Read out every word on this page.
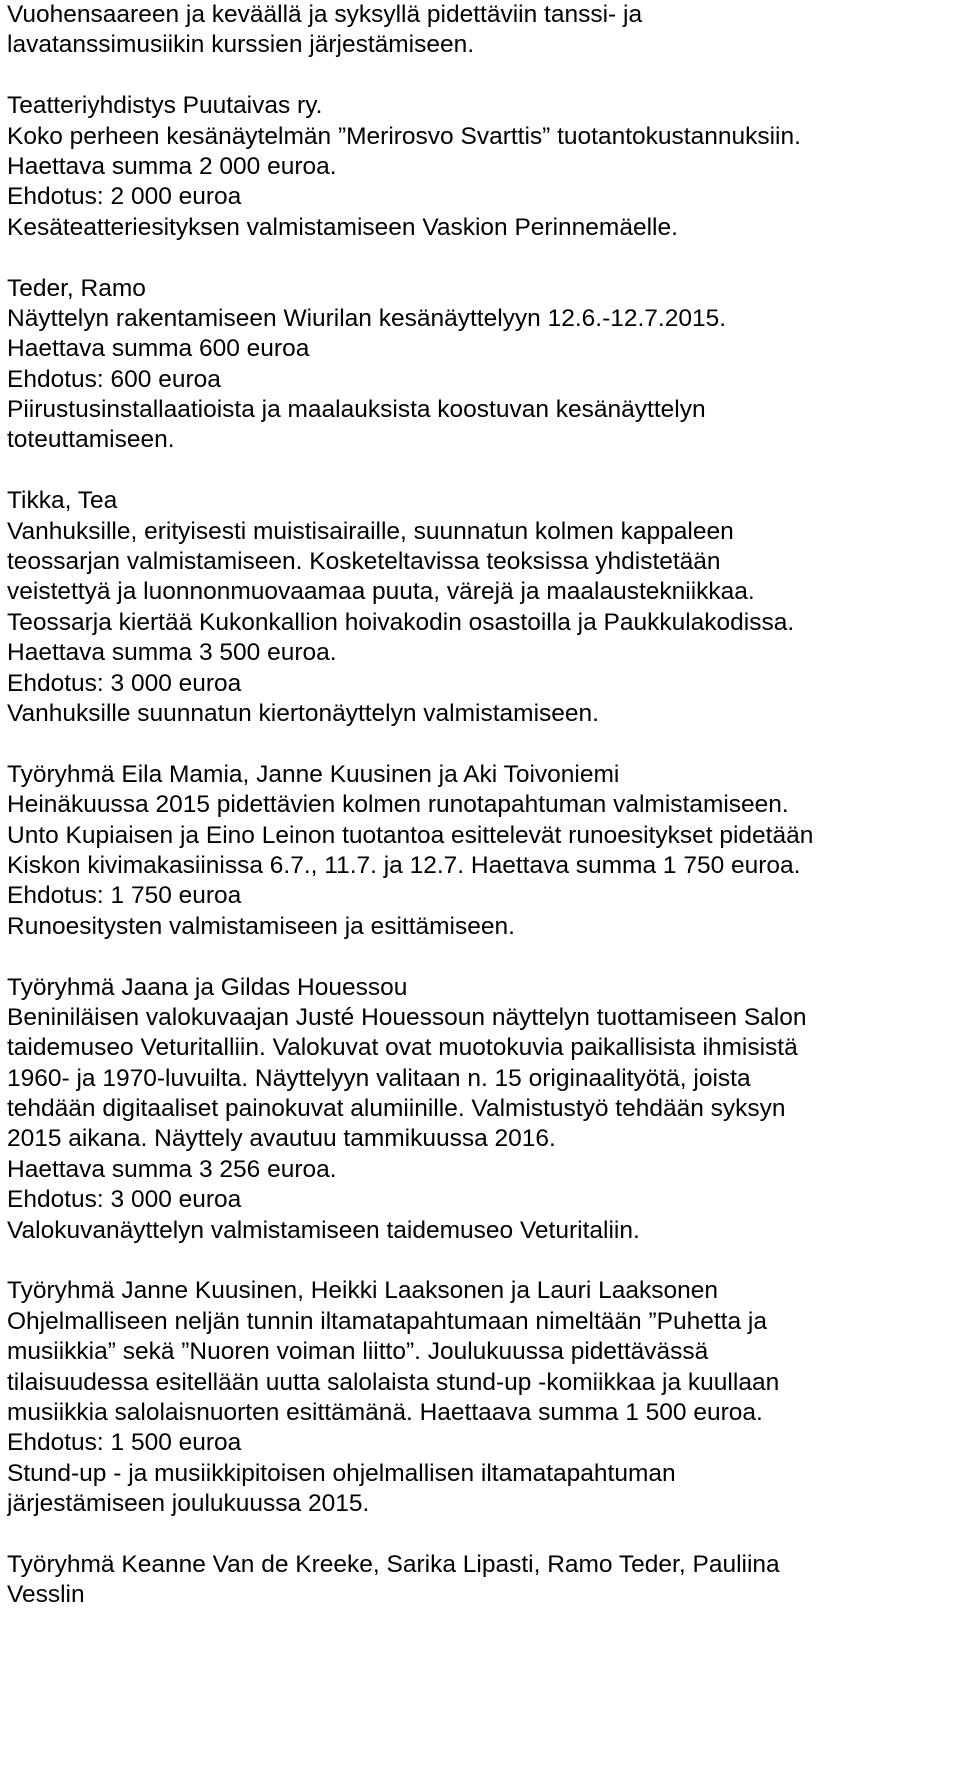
Vuohensaareen ja keväällä ja syksyllä pidettäviin tanssi- ja
lavatanssimusiikin kurssien järjestämiseen.
Teatteriyhdistys Puutaivas ry.
Koko perheen kesänäytelmän ”Merirosvo Svarttis” tuotantokustannuksiin.
Haettava summa 2 000 euroa.
Ehdotus: 2 000 euroa
Kesäteatteriesityksen valmistamiseen Vaskion Perinnemäelle.
Teder, Ramo
Näyttelyn rakentamiseen Wiurilan kesänäyttelyyn 12.6.-12.7.2015.
Haettava summa 600 euroa
Ehdotus: 600 euroa
Piirustusinstallaatioista ja maalauksista koostuvan kesänäyttelyn
toteuttamiseen.
Tikka, Tea
Vanhuksille, erityisesti muistisairaille, suunnatun kolmen kappaleen
teossarjan valmistamiseen. Kosketeltavissa teoksissa yhdistetään
veistettyä ja luonnonmuovaamaa puuta, värejä ja maalaustekniikkaa.
Teossarja kiertää Kukonkallion hoivakodin osastoilla ja Paukkulakodissa.
Haettava summa 3 500 euroa.
Ehdotus: 3 000 euroa
Vanhuksille suunnatun kiertonäyttelyn valmistamiseen.
Työryhmä Eila Mamia, Janne Kuusinen ja Aki Toivoniemi
Heinäkuussa 2015 pidettävien kolmen runotapahtuman valmistamiseen.
Unto Kupiaisen ja Eino Leinon tuotantoa esittelevät runoesitykset pidetään
Kiskon kivimakasiinissa 6.7., 11.7. ja 12.7. Haettava summa 1 750 euroa.
Ehdotus: 1 750 euroa
Runoesitysten valmistamiseen ja esittämiseen.
Työryhmä Jaana ja Gildas Houessou
Beniniläisen valokuvaajan Justé Houessoun näyttelyn tuottamiseen Salon
taidemuseo Veturitalliin. Valokuvat ovat muotokuvia paikallisista ihmisistä
1960- ja 1970-luvuilta. Näyttelyyn valitaan n. 15 originaalityötä, joista
tehdään digitaaliset painokuvat alumiinille. Valmistustyö tehdään syksyn
2015 aikana. Näyttely avautuu tammikuussa 2016.
Haettava summa 3 256 euroa.
Ehdotus: 3 000 euroa
Valokuvanäyttelyn valmistamiseen taidemuseo Veturitaliin.
Työryhmä Janne Kuusinen, Heikki Laaksonen ja Lauri Laaksonen
Ohjelmalliseen neljän tunnin iltamatapahtumaan nimeltään ”Puhetta ja
musiikkia” sekä ”Nuoren voiman liitto”. Joulukuussa pidettävässä
tilaisuudessa esitellään uutta salolaista stund-up -komiikkaa ja kuullaan
musiikkia salolaisnuorten esittämänä. Haettaava summa 1 500 euroa.
Ehdotus: 1 500 euroa
Stund-up - ja musiikkipitoisen ohjelmallisen iltamatapahtuman
järjestämiseen joulukuussa 2015.
Työryhmä Keanne Van de Kreeke, Sarika Lipasti, Ramo Teder, Pauliina
Vesslin
